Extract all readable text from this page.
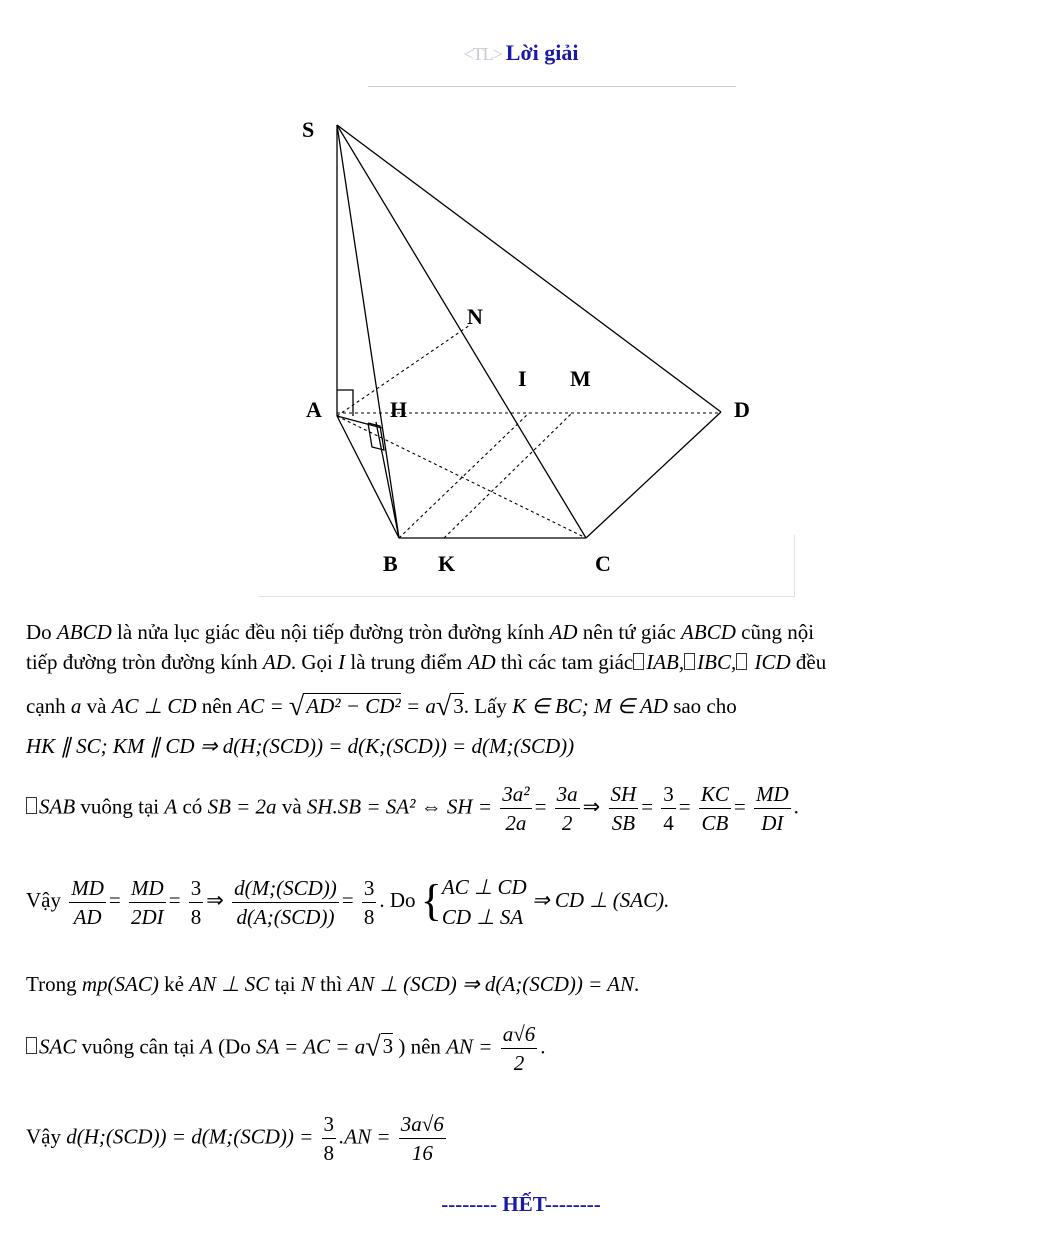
<TL> Lời giải
S
N
I M
A	H	D
B K	C
Do ABCD là nửa lục giác đều nội tiếp đường tròn đường kính AD nên tứ giác ABCD cũng nội
tiếp đường tròn đường kính AD. Gọi I là trung điểm AD thì các tam giác IAB, IBC, ICD đều
cạnh a và AC ⊥ CD nên AC = √AD² − CD² = a√3. Lấy K ∈ BC; M ∈ AD sao cho
HK ∥ SC; KM ∥ CD ⇒ d(H;(SCD)) = d(K;(SCD)) = d(M;(SCD))
SAB vuông tại A có SB = 2a và SH.SB = SA² ⇔ SH = $\frac{\text{3a²}}{2a} = \frac{3a}{2}$ ⇒ $\frac{SH}{SB} = \frac{3}{4} = \frac{KC}{CB} = \frac{MD}{DI}$ .
Vậy $\frac{MD}{AD} = \frac{MD}{2DI} = \frac{3}{8}$ ⇒ $\frac{\text{d(M;(SCD))}}{\text{d(A;(SCD))}} = \frac{3}{8}$ . Do { AC ⊥ CD
CD ⊥ SA
⇒ CD ⊥ (SAC).
Trong mp(SAC) kẻ AN ⊥ SC tại N thì AN ⊥ (SCD) ⇒ d(A;(SCD)) = AN.
SAC vuông cân tại A (Do SA = AC = a√3 ) nên AN = $\frac{a√6}{2}$ .
Vậy d(H;(SCD)) = d(M;(SCD)) = $\frac{3}{8} .AN = \frac{3a√6}{16}$
-------- HẾT--------
